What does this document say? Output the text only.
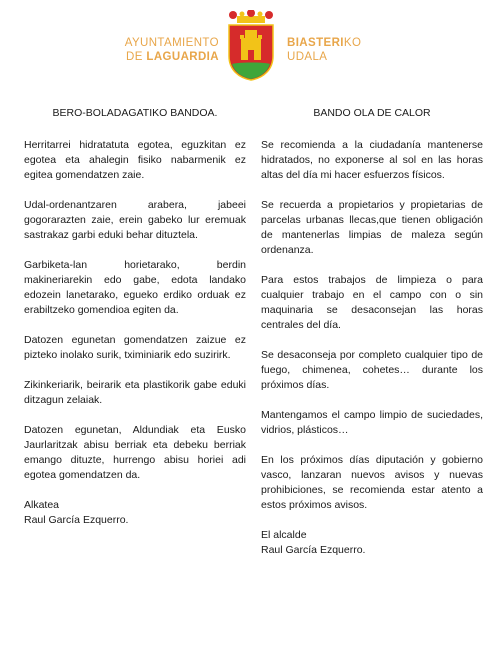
AYUNTAMIENTO
DE LAGUARDIA
BIASTERIKO
UDALA
BERO-BOLADAGATIKO BANDOA.
Herritarrei hidratatuta egotea, eguzkitan ez egotea eta ahalegin fisiko nabarmenik ez egitea gomendatzen zaie.
Udal-ordenantzaren arabera, jabeei gogorarazten zaie, erein gabeko lur eremuak sastrakaz garbi eduki behar dituztela.
Garbiketa-lan horietarako, berdin makineriarekin edo gabe, edota landako edozein lanetarako, egueko erdiko orduak ez erabiltzeko gomendioa egiten da.
Datozen egunetan gomendatzen zaizue ez pizteko inolako surik, tximiniarik edo suzirirk.
Zikinkeriarik, beirarik eta plastikorik gabe eduki ditzagun zelaiak.
Datozen egunetan, Aldundiak eta Eusko Jaurlaritzak abisu berriak eta debeku berriak emango dituzte, hurrengo abisu horiei adi egotea gomendatzen da.
Alkatea
Raul García Ezquerro.
BANDO OLA DE CALOR
Se recomienda a la ciudadanía mantenerse hidratados, no exponerse al sol en las horas altas del día mi hacer esfuerzos físicos.
Se recuerda a propietarios y propietarias de parcelas urbanas llecas,que tienen obligación de mantenerlas limpias de maleza según ordenanza.
Para estos trabajos de limpieza o para cualquier trabajo en el campo con o sin maquinaria se desaconsejan las horas centrales del día.
Se desaconseja por completo cualquier tipo de fuego, chimenea, cohetes… durante los próximos días.
Mantengamos el campo limpio de suciedades, vidrios, plásticos…
En los próximos días diputación y gobierno vasco, lanzaran nuevos avisos y nuevas prohibiciones, se recomienda estar atento a estos próximos avisos.
El alcalde
Raul García Ezquerro.
